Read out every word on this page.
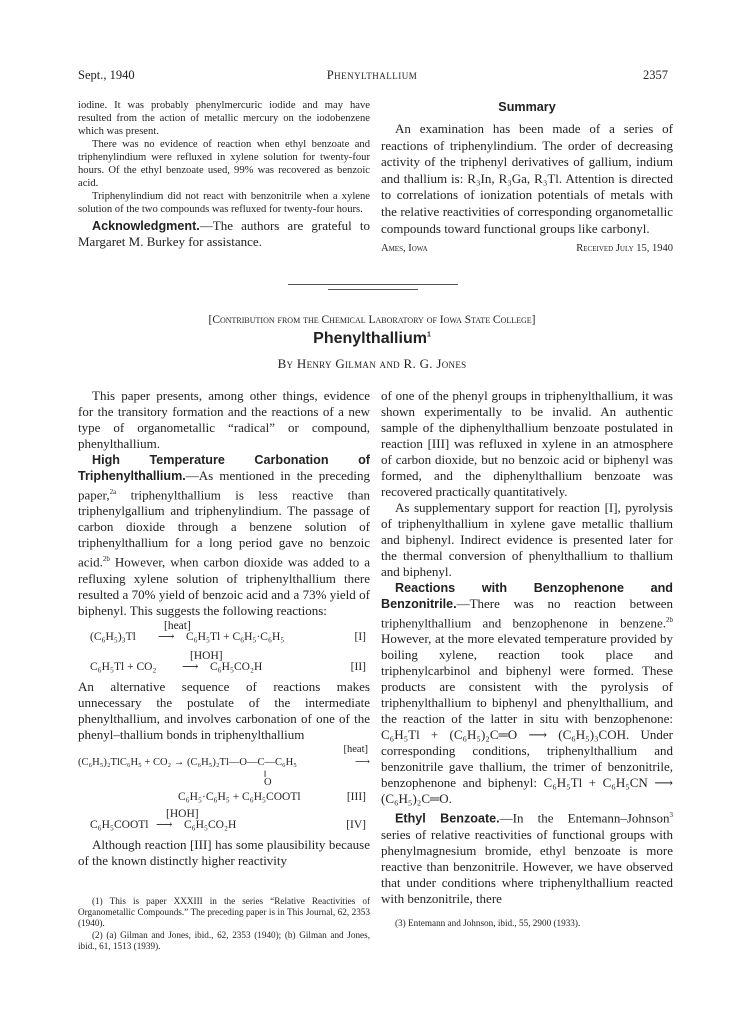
Sept., 1940	Phenylthallium	2357

iodine. It was probably phenylmercuric iodide and may have resulted from the action of metallic mercury on the iodobenzene which was present.

There was no evidence of reaction when ethyl benzoate and triphenylindium were refluxed in xylene solution for twenty-four hours. Of the ethyl benzoate used, 99% was recovered as benzoic acid.

Triphenylindium did not react with benzonitrile when a xylene solution of the two compounds was refluxed for twenty-four hours.

Acknowledgment.—The authors are grateful to Margaret M. Burkey for assistance.

Summary

An examination has been made of a series of reactions of triphenylindium. The order of decreasing activity of the triphenyl derivatives of gallium, indium and thallium is: R₃In, R₃Ga, R₃Tl. Attention is directed to correlations of ionization potentials of metals with the relative reactivities of corresponding organometallic compounds toward functional groups like carbonyl.

Ames, Iowa	Received July 15, 1940
[Contribution from the Chemical Laboratory of Iowa State College]
Phenylthallium$^1$
By Henry Gilman and R. G. Jones

This paper presents, among other things, evidence for the transitory formation and the reactions of a new type of organometallic “radical” or compound, phenylthallium.

High Temperature Carbonation of Triphenylthallium.—As mentioned in the preceding paper,$^{2a}$ triphenylthallium is less reactive than triphenylgallium and triphenylindium. The passage of carbon dioxide through a benzene solution of triphenylthallium for a long period gave no benzoic acid.$^{2b}$ However, when carbon dioxide was added to a refluxing xylene solution of triphenylthallium there resulted a 70% yield of benzoic acid and a 73% yield of biphenyl. This suggests the following reactions:

(C₆H₅)₃Tl
[heat]
⟶ C₆H₅Tl + C₆H₅·C₆H₅	[I]
C₆H₅Tl + CO₂
[HOH]
⟶ C₆H₅CO₂H	[II]

An alternative sequence of reactions makes unnecessary the postulate of the intermediate phenylthallium, and involves carbonation of one of the phenyl–thallium bonds in triphenylthallium

(C₆H₅)₂TlC₆H₅ + CO₂ → (C₆H₅)₂Tl—O—C—C₆H₅
‖
O
[heat]
⟶
C₆H₅·C₆H₅ + C₆H₅COOTl	[III]
C₆H₅COOTl
[HOH]
⟶ C₆H₅CO₂H	[IV]

Although reaction [III] has some plausibility because of the known distinctly higher reactivity

(1) This is paper XXXIII in the series “Relative Reactivities of Organometallic Compounds.” The preceding paper is in This Journal, 62, 2353 (1940).

(2) (a) Gilman and Jones, ibid., 62, 2353 (1940); (b) Gilman and Jones, ibid., 61, 1513 (1939).

of one of the phenyl groups in triphenylthallium, it was shown experimentally to be invalid. An authentic sample of the diphenylthallium benzoate postulated in reaction [III] was refluxed in xylene in an atmosphere of carbon dioxide, but no benzoic acid or biphenyl was formed, and the diphenylthallium benzoate was recovered practically quantitatively.

As supplementary support for reaction [I], pyrolysis of triphenylthallium in xylene gave metallic thallium and biphenyl. Indirect evidence is presented later for the thermal conversion of phenylthallium to thallium and biphenyl.

Reactions with Benzophenone and Benzonitrile.—There was no reaction between triphenylthallium and benzophenone in benzene.$^{2b}$ However, at the more elevated temperature provided by boiling xylene, reaction took place and triphenylcarbinol and biphenyl were formed. These products are consistent with the pyrolysis of triphenylthallium to biphenyl and phenylthallium, and the reaction of the latter in situ with benzophenone: C₆H₅Tl + (C₆H₅)₂C═O ⟶ (C₆H₅)₃COH. Under corresponding conditions, triphenylthallium and benzonitrile gave thallium, the trimer of benzonitrile, benzophenone and biphenyl: C₆H₅Tl + C₆H₅CN ⟶ (C₆H₅)₂C═O.

Ethyl Benzoate.—In the Entemann–Johnson$^3$ series of relative reactivities of functional groups with phenylmagnesium bromide, ethyl benzoate is more reactive than benzonitrile. However, we have observed that under conditions where triphenylthallium reacted with benzonitrile, there

(3) Entemann and Johnson, ibid., 55, 2900 (1933).
